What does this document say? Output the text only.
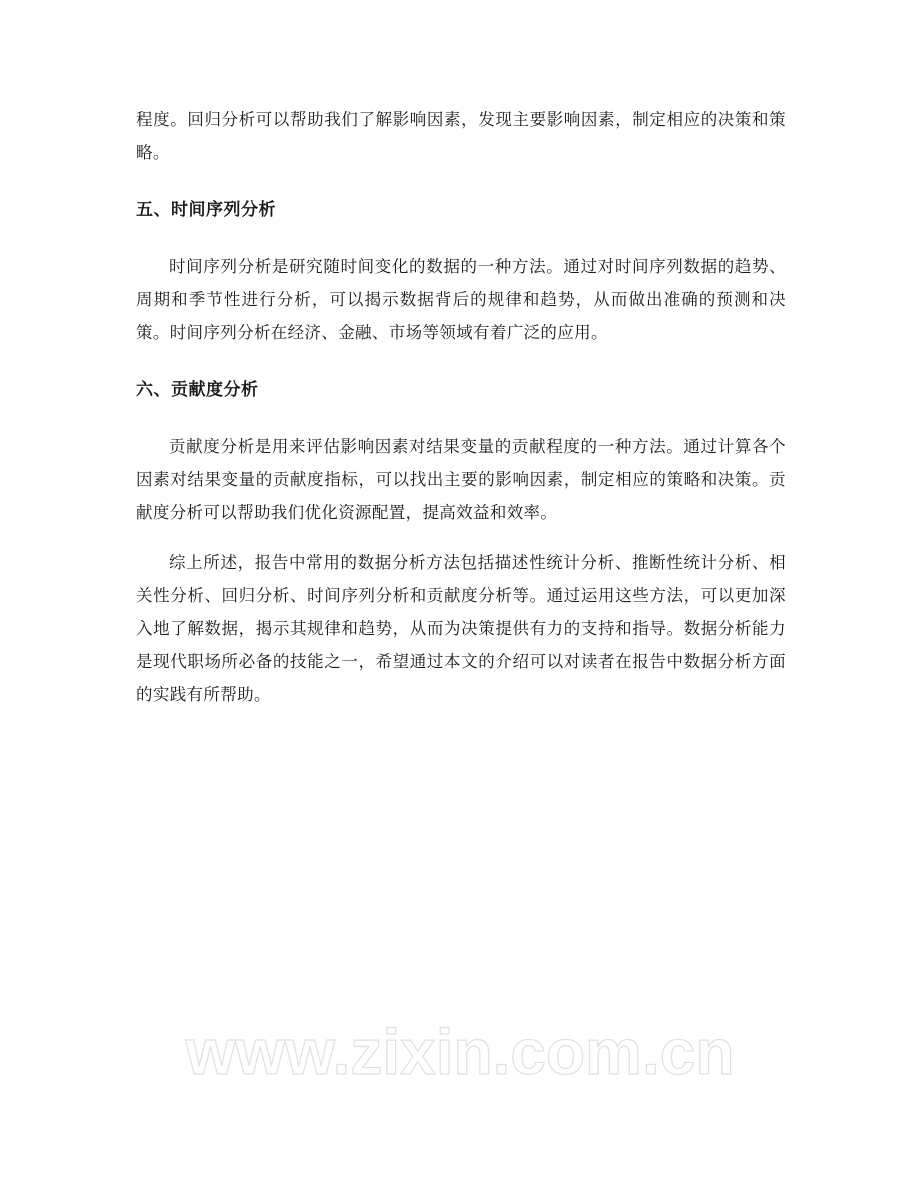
程度。回归分析可以帮助我们了解影响因素，发现主要影响因素，制定相应的决策和策略。

五、时间序列分析

时间序列分析是研究随时间变化的数据的一种方法。通过对时间序列数据的趋势、周期和季节性进行分析，可以揭示数据背后的规律和趋势，从而做出准确的预测和决策。时间序列分析在经济、金融、市场等领域有着广泛的应用。

六、贡献度分析

贡献度分析是用来评估影响因素对结果变量的贡献程度的一种方法。通过计算各个因素对结果变量的贡献度指标，可以找出主要的影响因素，制定相应的策略和决策。贡献度分析可以帮助我们优化资源配置，提高效益和效率。

综上所述，报告中常用的数据分析方法包括描述性统计分析、推断性统计分析、相关性分析、回归分析、时间序列分析和贡献度分析等。通过运用这些方法，可以更加深入地了解数据，揭示其规律和趋势，从而为决策提供有力的支持和指导。数据分析能力是现代职场所必备的技能之一，希望通过本文的介绍可以对读者在报告中数据分析方面的实践有所帮助。

www.zixin.com.cn
